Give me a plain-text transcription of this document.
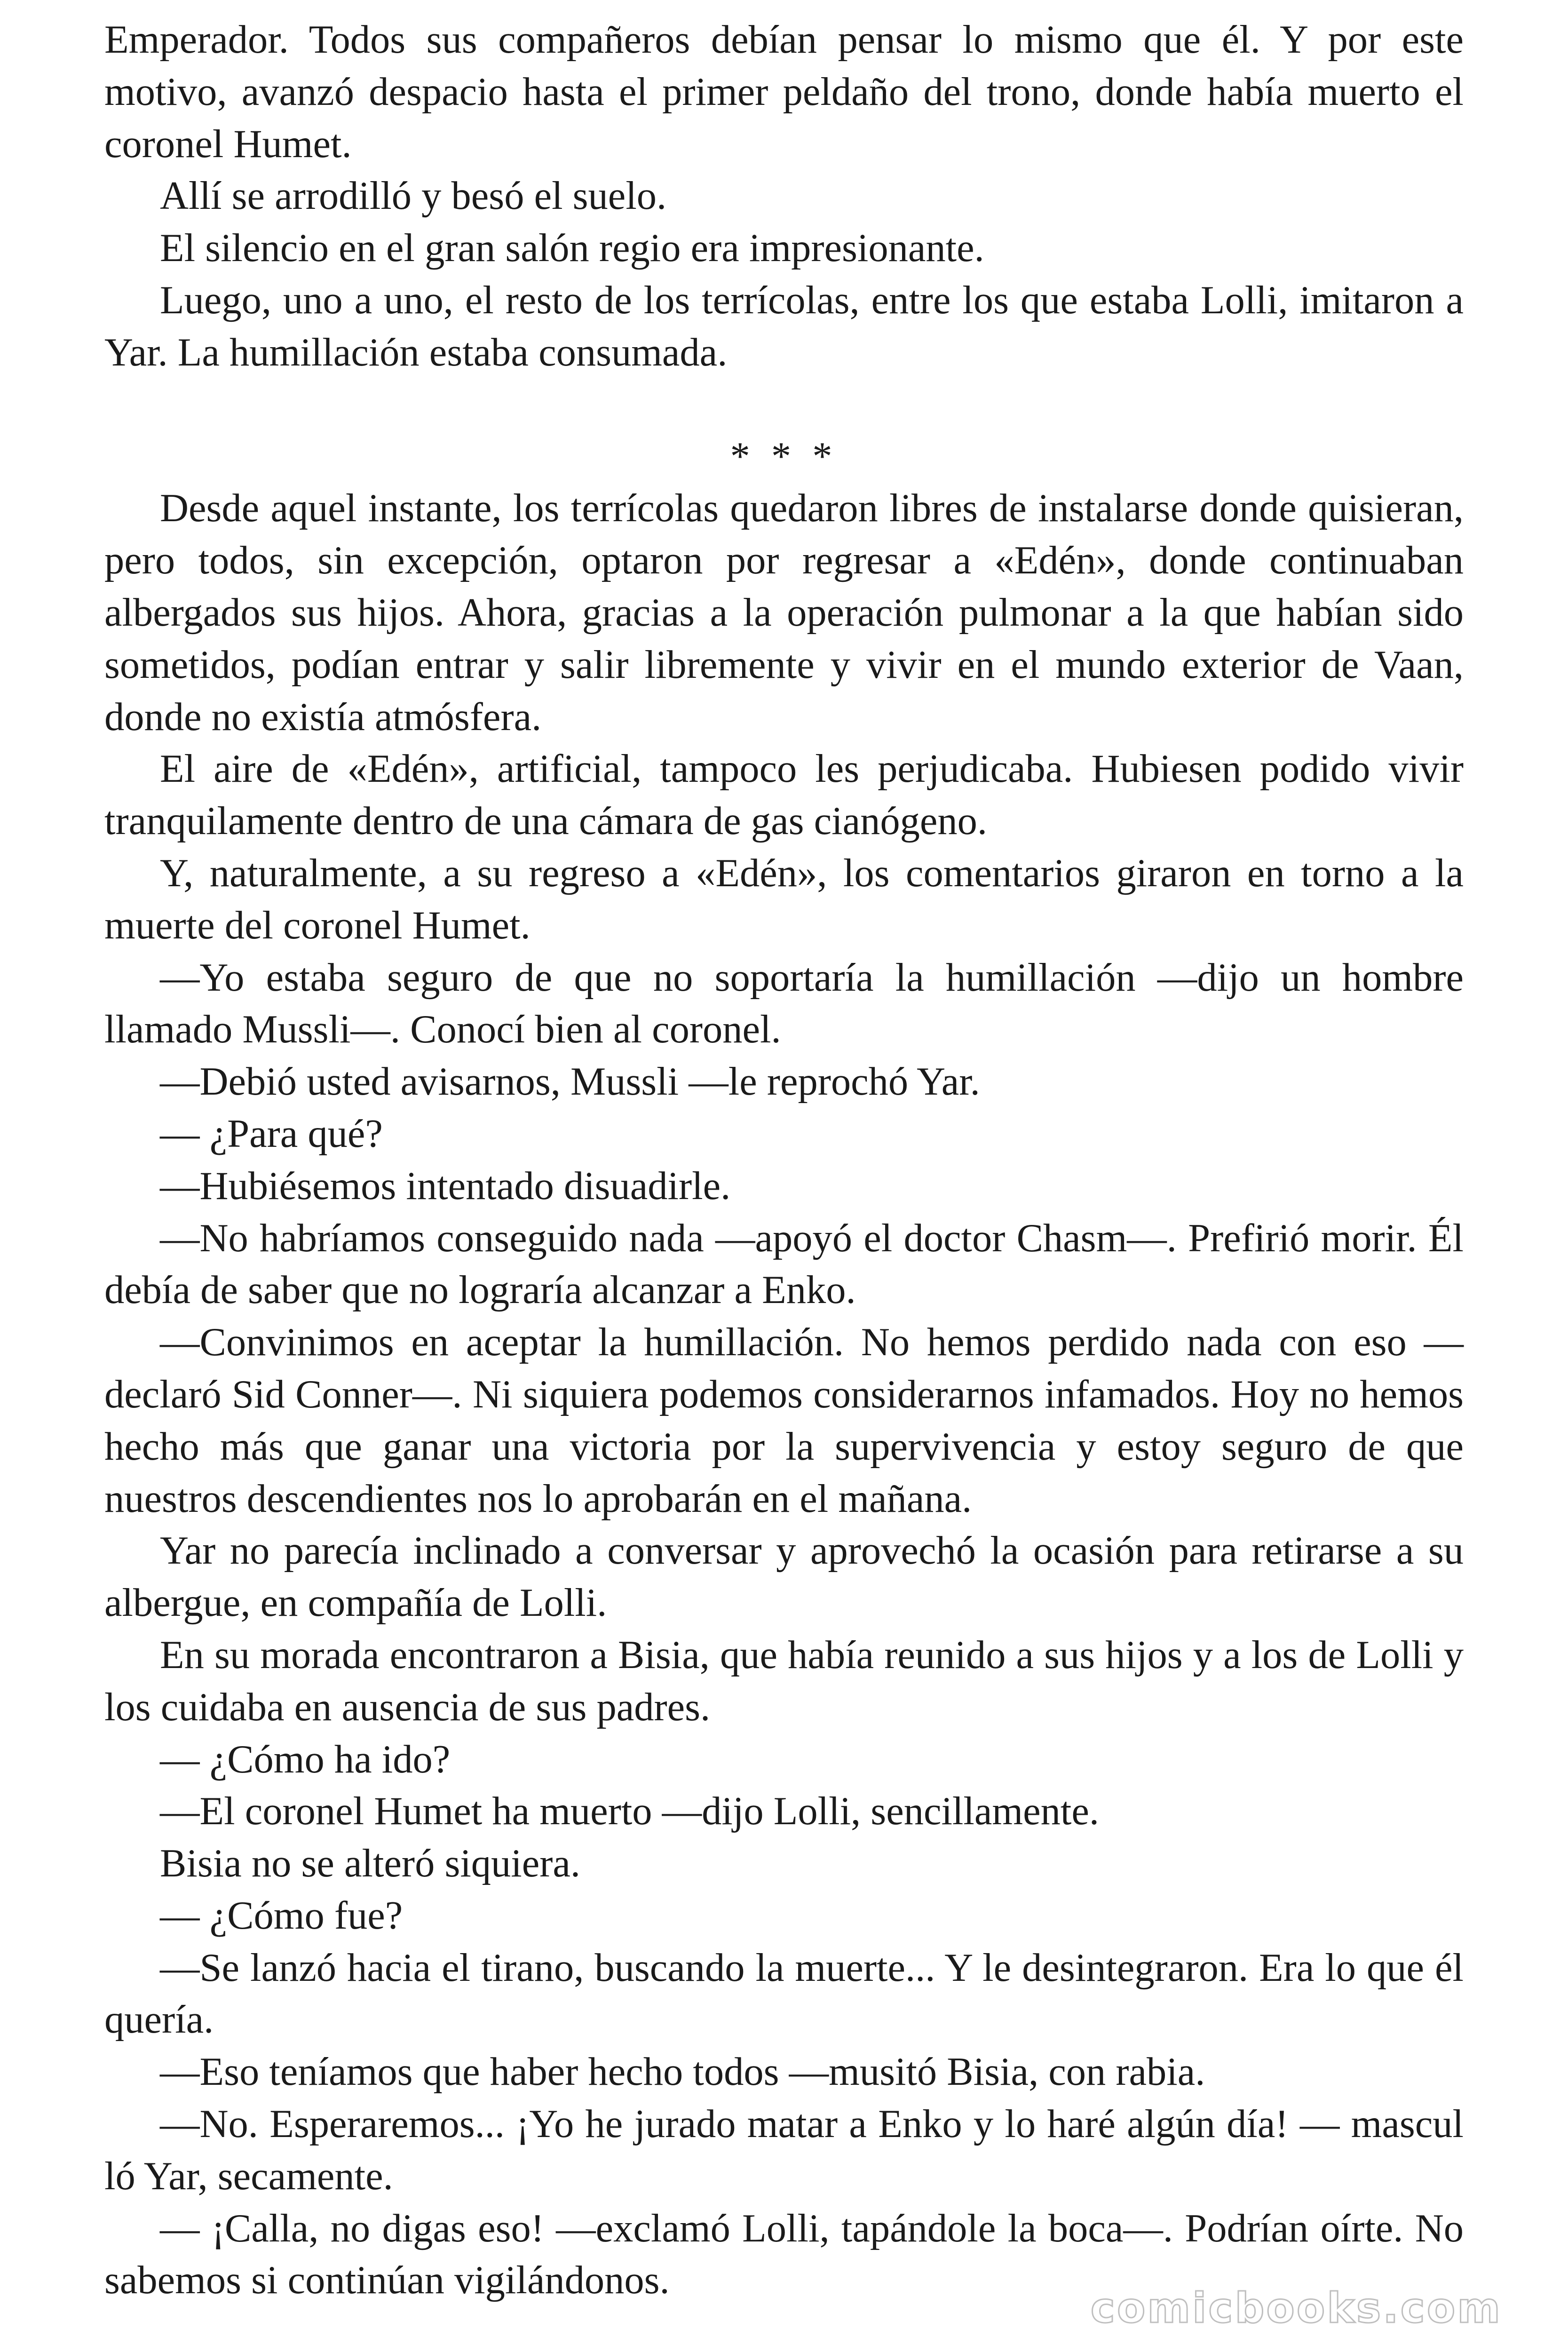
Emperador. Todos sus compañeros debían pensar lo mismo que él. Y por este motivo, avanzó despacio hasta el primer peldaño del trono, donde había muerto el coronel Humet.

Allí se arrodilló y besó el suelo.

El silencio en el gran salón regio era impresionante.

Luego, uno a uno, el resto de los terrícolas, entre los que estaba Lolli, imitaron a Yar. La humillación estaba consumada.

* * *

Desde aquel instante, los terrícolas quedaron libres de instalarse donde quisieran, pero todos, sin excepción, optaron por regresar a «Edén», donde continuaban albergados sus hijos. Ahora, gracias a la operación pulmonar a la que habían sido sometidos, podían entrar y salir libremente y vivir en el mundo exterior de Vaan, donde no existía atmósfera.

El aire de «Edén», artificial, tampoco les perjudicaba. Hubiesen podido vivir tranquilamente dentro de una cámara de gas cianógeno.

Y, naturalmente, a su regreso a «Edén», los comentarios giraron en torno a la muerte del coronel Humet.

—Yo estaba seguro de que no soportaría la humillación —dijo un hombre llamado Mussli—. Conocí bien al coronel.

—Debió usted avisarnos, Mussli —le reprochó Yar.

— ¿Para qué?

—Hubiésemos intentado disuadirle.

—No habríamos conseguido nada —apoyó el doctor Chasm—. Prefirió morir. Él debía de saber que no lograría alcanzar a Enko.

—Convinimos en aceptar la humillación. No hemos perdido nada con eso —declaró Sid Conner—. Ni siquiera podemos considerarnos infamados. Hoy no hemos hecho más que ganar una victoria por la supervivencia y estoy seguro de que nuestros descendientes nos lo aprobarán en el mañana.

Yar no parecía inclinado a conversar y aprovechó la ocasión para retirarse a su albergue, en compañía de Lolli.

En su morada encontraron a Bisia, que había reunido a sus hijos y a los de Lolli y los cuidaba en ausencia de sus padres.

— ¿Cómo ha ido?

—El coronel Humet ha muerto —dijo Lolli, sencillamente.

Bisia no se alteró siquiera.

— ¿Cómo fue?

—Se lanzó hacia el tirano, buscando la muerte... Y le desintegraron. Era lo que él quería.

—Eso teníamos que haber hecho todos —musitó Bisia, con rabia.

—No. Esperaremos... ¡Yo he jurado matar a Enko y lo haré algún día! — mascul​ló Yar, secamente.

— ¡Calla, no digas eso! —exclamó Lolli, tapándole la boca—. Podrían oírte. No sabemos si continúan vigilándonos.

comicbooks.com
